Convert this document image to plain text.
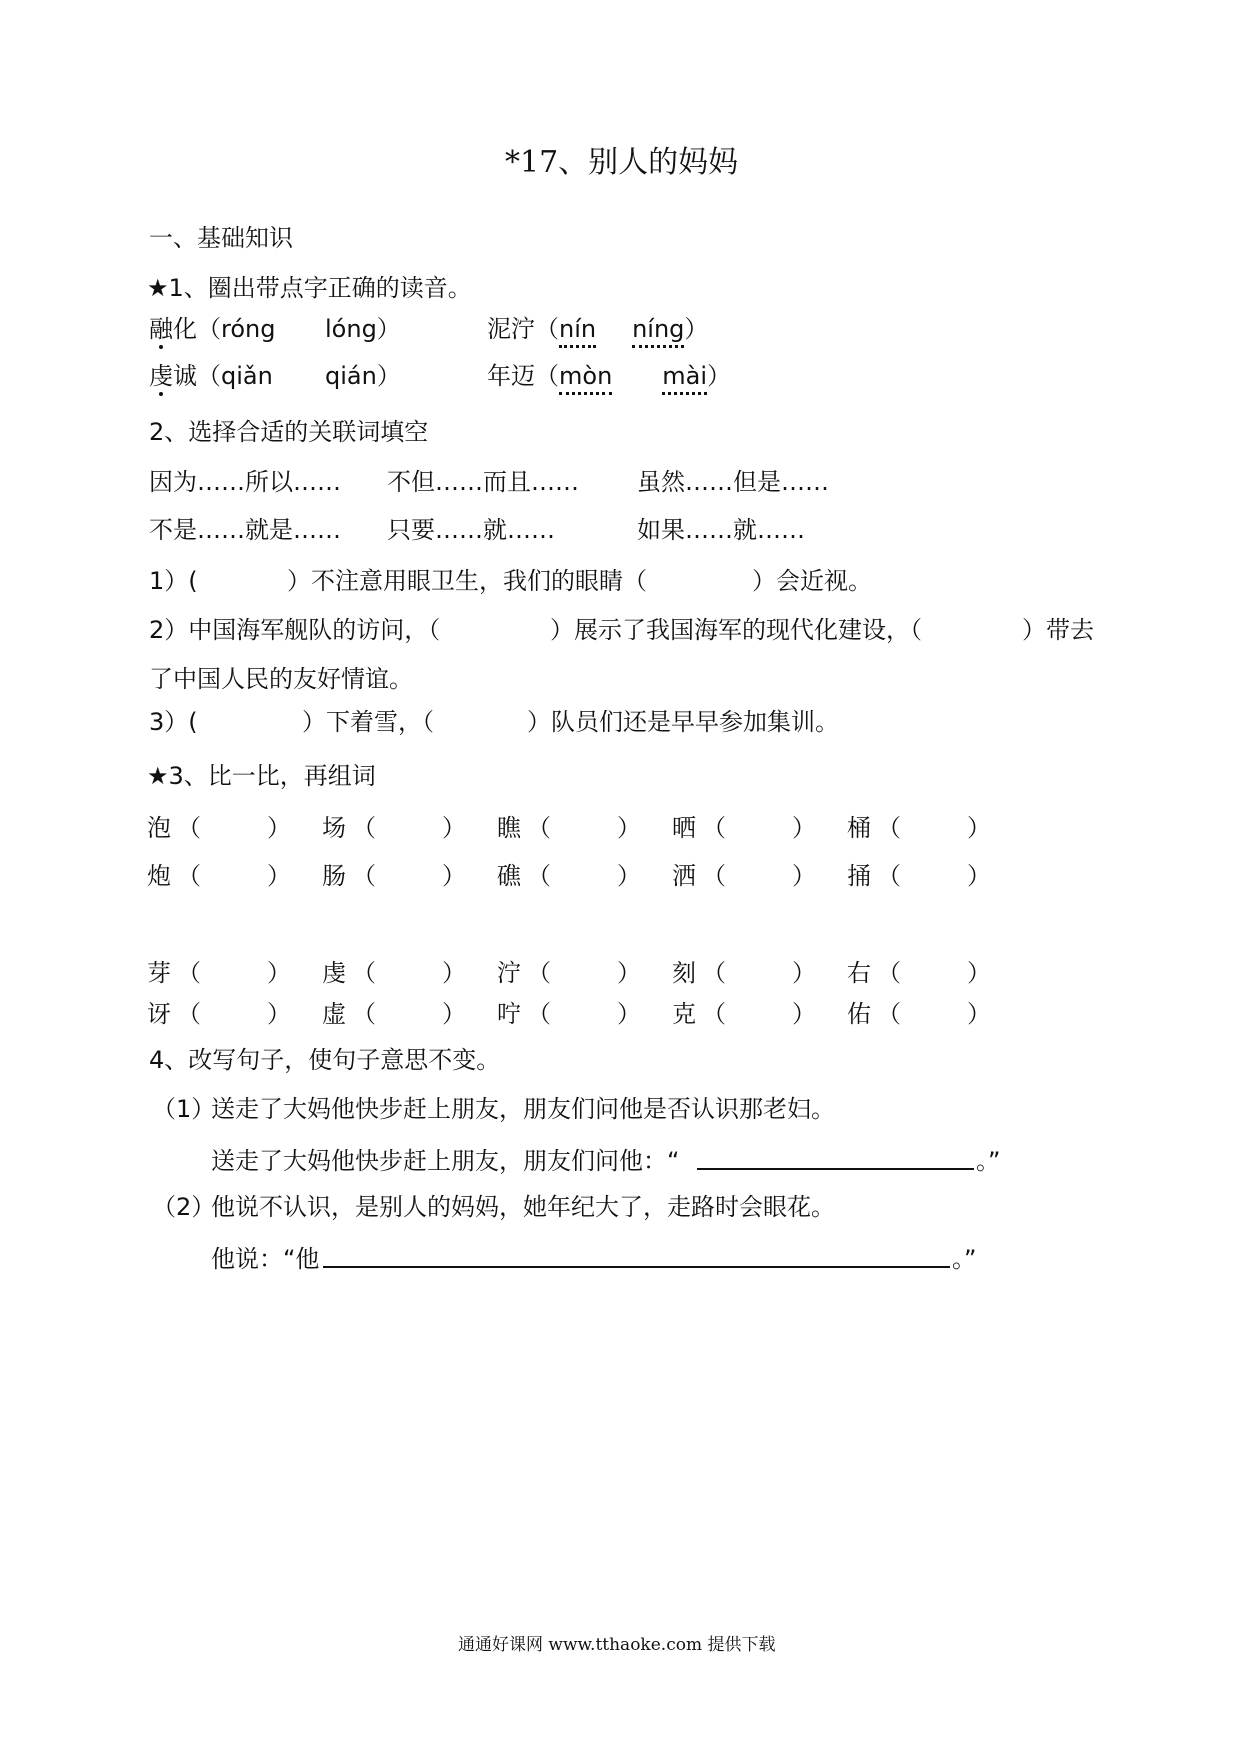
*17、别人的妈妈
一、基础知识
★1、圈出带点字正确的读音。
融化（róng lóng）	泥泞（nín níng）
虔诚（qiǎn qián）	年迈（mòn mài）
2、选择合适的关联词填空
因为……所以…… 不但……而且…… 虽然……但是……
不是……就是…… 只要……就……	如果……就……
1）(	）不注意用眼卫生，我们的眼睛（	）会近视。
2）中国海军舰队的访问，（	）展示了我国海军的现代化建设，（	）带去
了中国人民的友好情谊。
3）(	）下着雪，（	）队员们还是早早参加集训。
★3、比一比，再组词
泡 （	） 场 （	） 瞧 （	） 晒 （	） 桶 （	）
炮 （	） 肠 （	） 礁 （	） 洒 （	） 捅 （	）
芽 （	） 虔 （	） 泞 （	） 刻 （	） 右 （	）
讶 （	） 虚 （	） 咛 （	） 克 （	） 佑 （	）
4、改写句子，使句子意思不变。
（1）
送走了大妈他快步赶上朋友，朋友们问他是否认识那老妇。
送走了大妈他快步赶上朋友，朋友们问他：“	。”
（2）
他说不认识，是别人的妈妈，她年纪大了，走路时会眼花。
他说：“他	。”
通通好课网 www.tthaoke.com 提供下载
